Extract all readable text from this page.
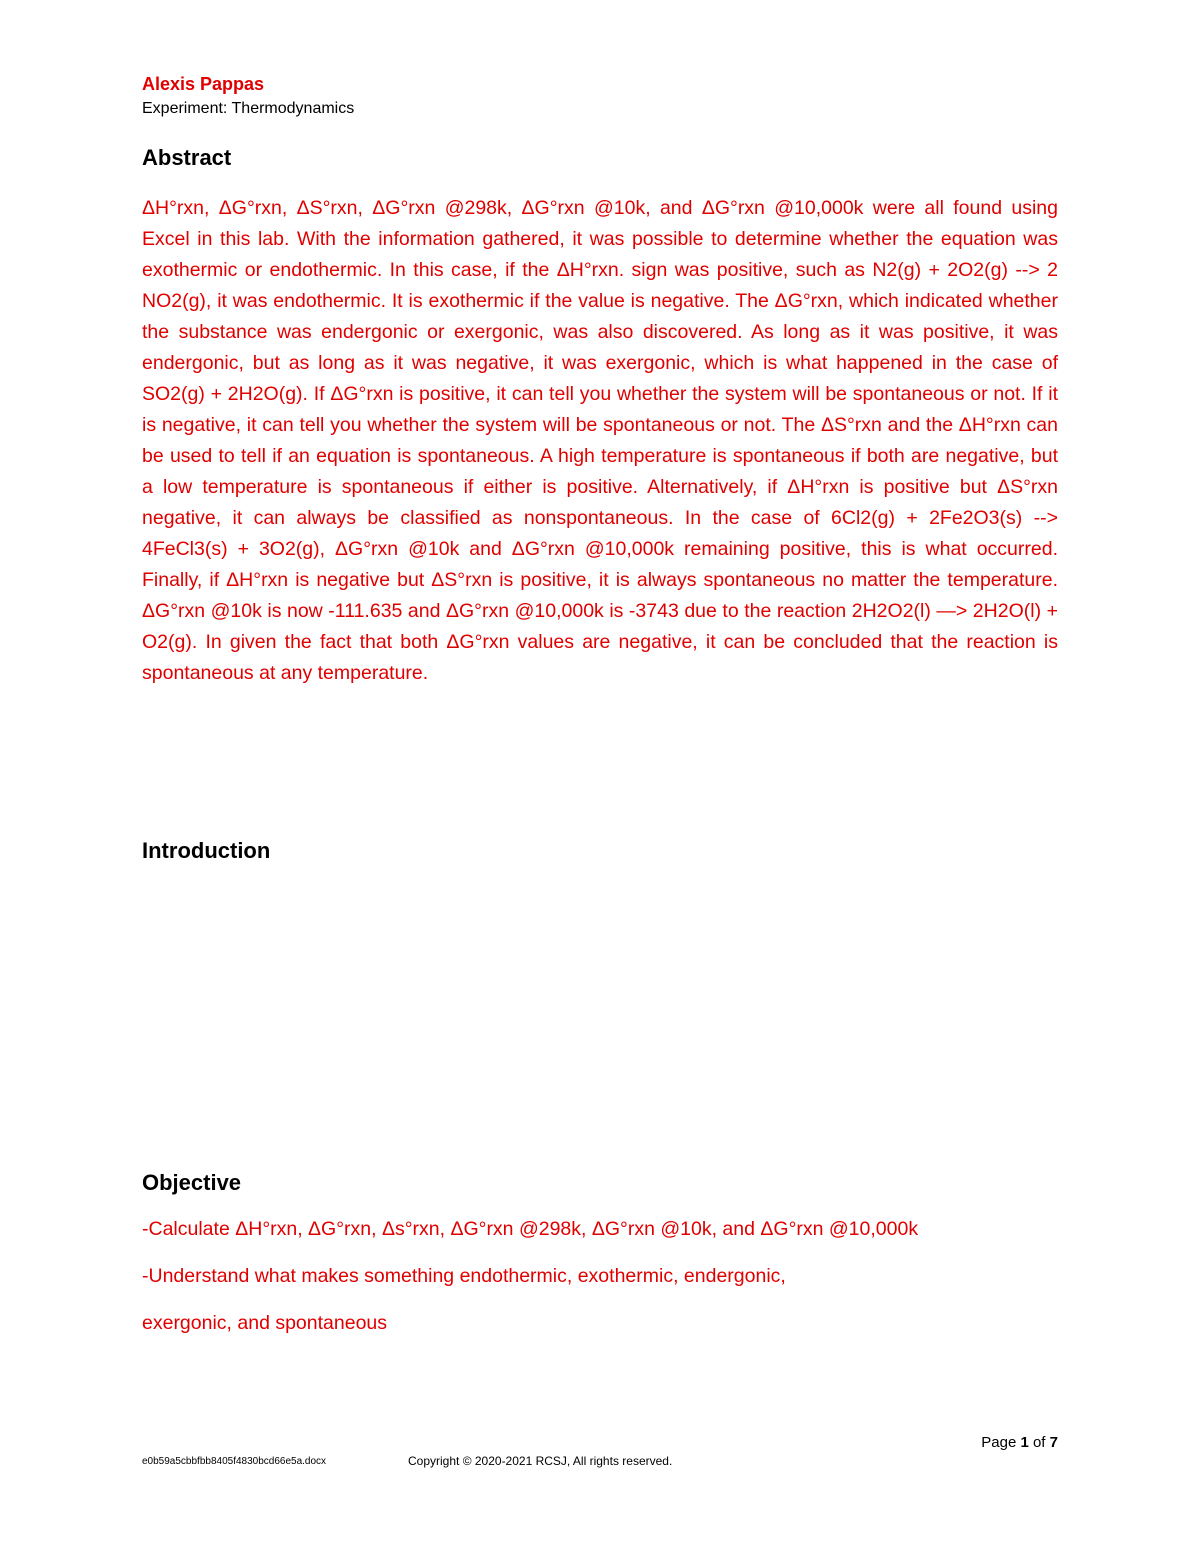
Alexis Pappas
Experiment: Thermodynamics
Abstract

ΔH°rxn, ΔG°rxn, ΔS°rxn, ΔG°rxn @298k, ΔG°rxn @10k, and ΔG°rxn @10,000k were all found using Excel in this lab. With the information gathered, it was possible to determine whether the equation was exothermic or endothermic. In this case, if the ΔH°rxn. sign was positive, such as N2(g) + 2O2(g) --> 2 NO2(g), it was endothermic. It is exothermic if the value is negative. The ΔG°rxn, which indicated whether the substance was endergonic or exergonic, was also discovered. As long as it was positive, it was endergonic, but as long as it was negative, it was exergonic, which is what happened in the case of SO2(g) + 2H2O(g). If ΔG°rxn is positive, it can tell you whether the system will be spontaneous or not. If it is negative, it can tell you whether the system will be spontaneous or not. The ΔS°rxn and the ΔH°rxn can be used to tell if an equation is spontaneous. A high temperature is spontaneous if both are negative, but a low temperature is spontaneous if either is positive. Alternatively, if ΔH°rxn is positive but ΔS°rxn negative, it can always be classified as nonspontaneous. In the case of 6Cl2(g) + 2Fe2O3(s) --> 4FeCl3(s) + 3O2(g), ΔG°rxn @10k and ΔG°rxn @10,000k remaining positive, this is what occurred. Finally, if ΔH°rxn is negative but ΔS°rxn is positive, it is always spontaneous no matter the temperature. ΔG°rxn @10k is now -111.635 and ΔG°rxn @10,000k is -3743 due to the reaction 2H2O2(l) —> 2H2O(l) + O2(g). In given the fact that both ΔG°rxn values are negative, it can be concluded that the reaction is spontaneous at any temperature.

Introduction
Objective

-Calculate ΔH°rxn, ΔG°rxn, Δs°rxn, ΔG°rxn @298k, ΔG°rxn @10k, and ΔG°rxn @10,000k

-Understand what makes something endothermic, exothermic, endergonic,

exergonic, and spontaneous

Page 1 of 7
e0b59a5cbbfbb8405f4830bcd66e5a.docx	Copyright © 2020-2021 RCSJ, All rights reserved.
